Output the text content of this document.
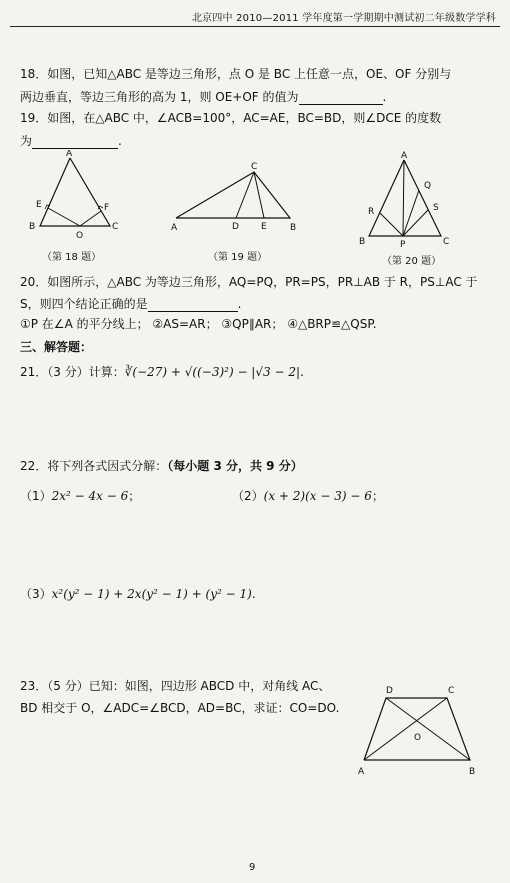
北京四中 2010—2011 学年度第一学期期中测试初二年级数学学科
18．如图，已知△ABC 是等边三角形，点 O 是 BC 上任意一点，OE、OF 分别与
两边垂直，等边三角形的高为 1，则 OE+OF 的值为	.
19．如图，在△ABC 中，∠ACB=100°，AC=AE，BC=BD，则∠DCE 的度数
为	.
A
B	C
O
E	F
（第 18 题）
C
A	B
D E
（第 19 题）
A
B	C
P
Q
R	S
（第 20 题）
20．如图所示，△ABC 为等边三角形，AQ=PQ，PR=PS，PR⊥AB 于 R，PS⊥AC 于
S，则四个结论正确的是	.
①P 在∠A 的平分线上； ②AS=AR； ③QP∥AR； ④△BRP≌△QSP.
三、解答题：
21．（3 分）计算：∛(−27) + √((−3)²) − |√3 − 2|.
22．将下列各式因式分解：（每小题 3 分，共 9 分）
（1）2x² − 4x − 6；	（2）(x + 2)(x − 3) − 6；
（3）x²(y² − 1) + 2x(y² − 1) + (y² − 1).
23．（5 分）已知：如图，四边形 ABCD 中，对角线 AC、
BD 相交于 O，∠ADC=∠BCD，AD=BC，求证：CO=DO.
A	B
C
D
O
9
